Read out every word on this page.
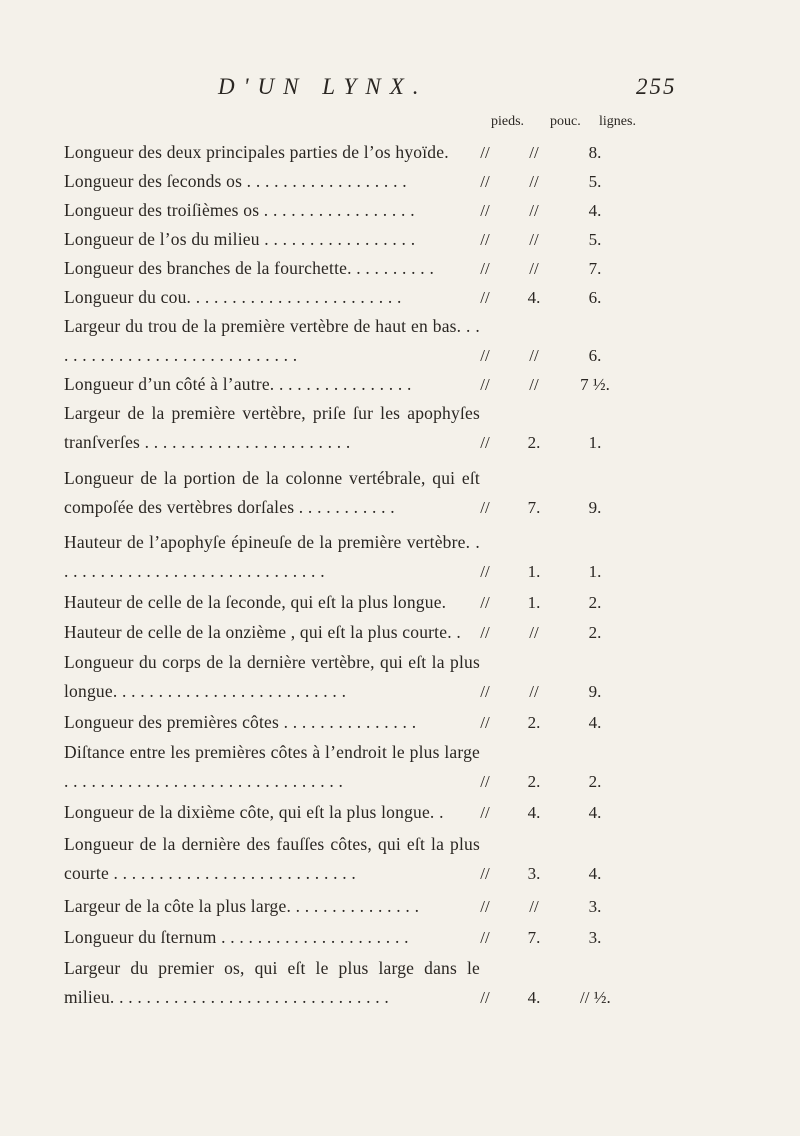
D'UN LYNX.	255
pieds. pouc. lignes.
Longueur des deux principales parties de l’os hyoïde.	//	//	8.
Longueur des ſeconds os . . . . . . . . . . . . . . . . . .	//	//	5.
Longueur des troiſièmes os . . . . . . . . . . . . . . . . .	//	//	4.
Longueur de l’os du milieu . . . . . . . . . . . . . . . . .	//	//	5.
Longueur des branches de la fourchette. . . . . . . . . .	//	//	7.
Longueur du cou. . . . . . . . . . . . . . . . . . . . . . . .	//	4.	6.
Largeur du trou de la première vertèbre de haut en bas. . . . . . . . . . . . . . . . . . . . . . . . . . . . .	//	//	6.
Longueur d’un côté à l’autre. . . . . . . . . . . . . . . .	//	//	7 ½.
Largeur de la première vertèbre, priſe ſur les apophyſes tranſverſes . . . . . . . . . . . . . . . . . . . . . . .	//	2.	1.
Longueur de la portion de la colonne vertébrale, qui eſt compoſée des vertèbres dorſales . . . . . . . . . . .	//	7.	9.
Hauteur de l’apophyſe épineuſe de la première vertèbre. . . . . . . . . . . . . . . . . . . . . . . . . . . . . . .	//	1.	1.
Hauteur de celle de la ſeconde, qui eſt la plus longue.	//	1.	2.
Hauteur de celle de la onzième , qui eſt la plus courte. .	//	//	2.
Longueur du corps de la dernière vertèbre, qui eſt la plus longue. . . . . . . . . . . . . . . . . . . . . . . . . .	//	//	9.
Longueur des premières côtes . . . . . . . . . . . . . . .	//	2.	4.
Diſtance entre les premières côtes à l’endroit le plus large . . . . . . . . . . . . . . . . . . . . . . . . . . . . . . .	//	2.	2.
Longueur de la dixième côte, qui eſt la plus longue. .	//	4.	4.
Longueur de la dernière des fauſſes côtes, qui eſt la plus courte . . . . . . . . . . . . . . . . . . . . . . . . . . .	//	3.	4.
Largeur de la côte la plus large. . . . . . . . . . . . . . .	//	//	3.
Longueur du ſternum . . . . . . . . . . . . . . . . . . . . .	//	7.	3.
Largeur du premier os, qui eſt le plus large dans le milieu. . . . . . . . . . . . . . . . . . . . . . . . . . . . . . .	//	4.	// ½.
